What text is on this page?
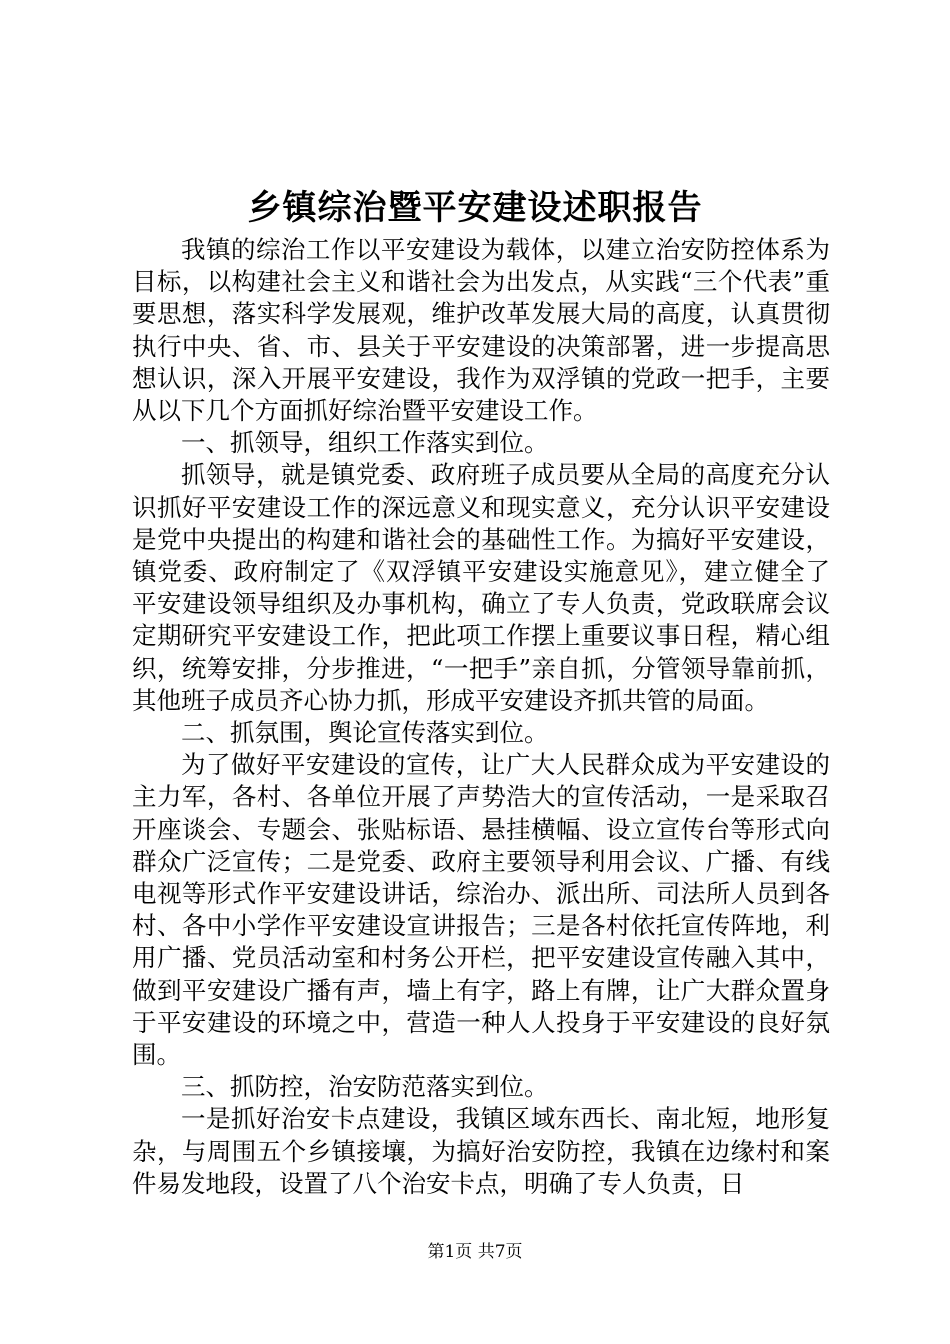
乡镇综治暨平安建设述职报告

我镇的综治工作以平安建设为载体，以建立治安防控体系为目标，以构建社会主义和谐社会为出发点，从实践“三个代表”重要思想，落实科学发展观，维护改革发展大局的高度，认真贯彻执行中央、省、市、县关于平安建设的决策部署，进一步提高思想认识，深入开展平安建设，我作为双浮镇的党政一把手，主要从以下几个方面抓好综治暨平安建设工作。

一、抓领导，组织工作落实到位。

抓领导，就是镇党委、政府班子成员要从全局的高度充分认识抓好平安建设工作的深远意义和现实意义，充分认识平安建设是党中央提出的构建和谐社会的基础性工作。为搞好平安建设，镇党委、政府制定了《双浮镇平安建设实施意见》，建立健全了平安建设领导组织及办事机构，确立了专人负责，党政联席会议定期研究平安建设工作，把此项工作摆上重要议事日程，精心组织，统筹安排，分步推进，“一把手”亲自抓，分管领导靠前抓，其他班子成员齐心协力抓，形成平安建设齐抓共管的局面。

二、抓氛围，舆论宣传落实到位。

为了做好平安建设的宣传，让广大人民群众成为平安建设的主力军，各村、各单位开展了声势浩大的宣传活动，一是采取召开座谈会、专题会、张贴标语、悬挂横幅、设立宣传台等形式向群众广泛宣传；二是党委、政府主要领导利用会议、广播、有线电视等形式作平安建设讲话，综治办、派出所、司法所人员到各村、各中小学作平安建设宣讲报告；三是各村依托宣传阵地，利用广播、党员活动室和村务公开栏，把平安建设宣传融入其中，做到平安建设广播有声，墙上有字，路上有牌，让广大群众置身于平安建设的环境之中，营造一种人人投身于平安建设的良好氛围。

三、抓防控，治安防范落实到位。

一是抓好治安卡点建设，我镇区域东西长、南北短，地形复杂，与周围五个乡镇接壤，为搞好治安防控，我镇在边缘村和案件易发地段，设置了八个治安卡点，明确了专人负责，日

第1页 共7页
